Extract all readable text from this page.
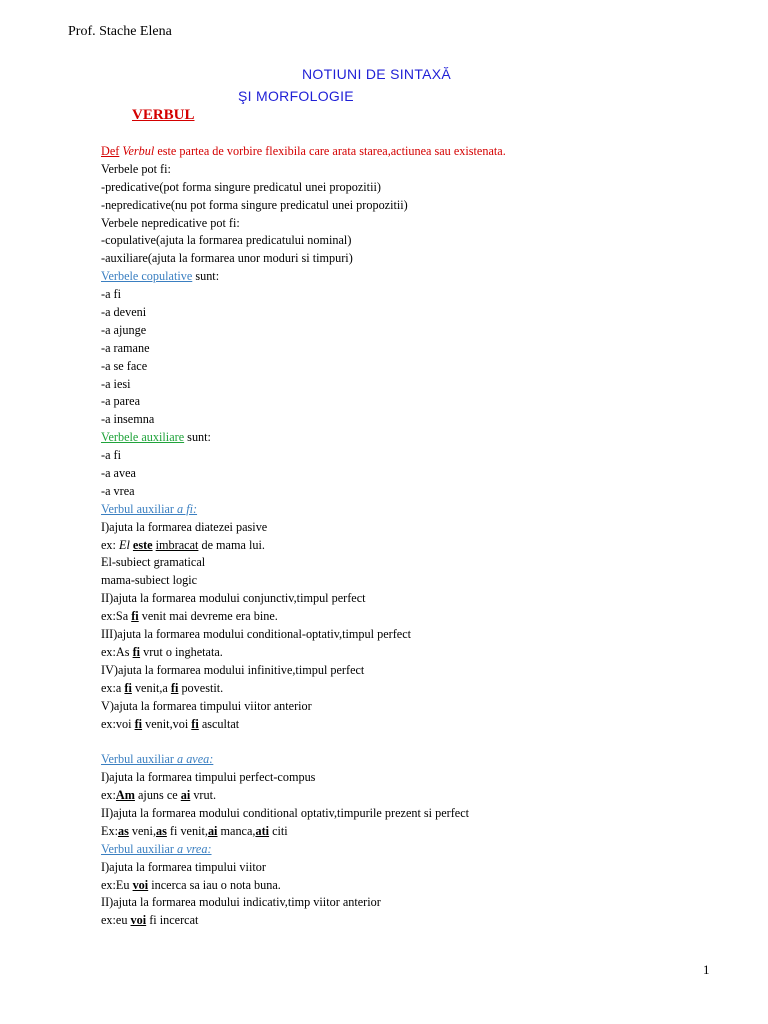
Prof. Stache Elena
NOTIUNI DE SINTAXĂ
ŞI MORFOLOGIE
VERBUL
Def Verbul este partea de vorbire flexibila care arata starea,actiunea sau existenata.
Verbele pot fi:
-predicative(pot forma singure predicatul unei propozitii)
-nepredicative(nu pot forma singure predicatul unei propozitii)
Verbele nepredicative pot fi:
-copulative(ajuta la formarea predicatului nominal)
-auxiliare(ajuta la formarea unor moduri si timpuri)
Verbele copulative sunt:
-a fi
-a deveni
-a ajunge
-a ramane
-a se face
-a iesi
-a parea
-a insemna
Verbele auxiliare sunt:
-a fi
-a avea
-a vrea
Verbul auxiliar a fi:
I)ajuta la formarea diatezei pasive
ex: El este imbracat de mama lui.
El-subiect gramatical
mama-subiect logic
II)ajuta la formarea modului conjunctiv,timpul perfect
ex:Sa fi venit mai devreme era bine.
III)ajuta la formarea modului conditional-optativ,timpul perfect
ex:As fi vrut o inghetata.
IV)ajuta la formarea modului infinitive,timpul perfect
ex:a fi venit,a fi povestit.
V)ajuta la formarea timpului viitor anterior
ex:voi fi venit,voi fi ascultat
Verbul auxiliar a avea:
I)ajuta la formarea timpului perfect-compus
ex:Am ajuns ce ai vrut.
II)ajuta la formarea modului conditional optativ,timpurile prezent si perfect
Ex:as veni,as fi venit,ai manca,ati citi
Verbul auxiliar a vrea:
I)ajuta la formarea timpului viitor
ex:Eu voi incerca sa iau o nota buna.
II)ajuta la formarea modului indicativ,timp viitor anterior
ex:eu voi fi incercat
1
